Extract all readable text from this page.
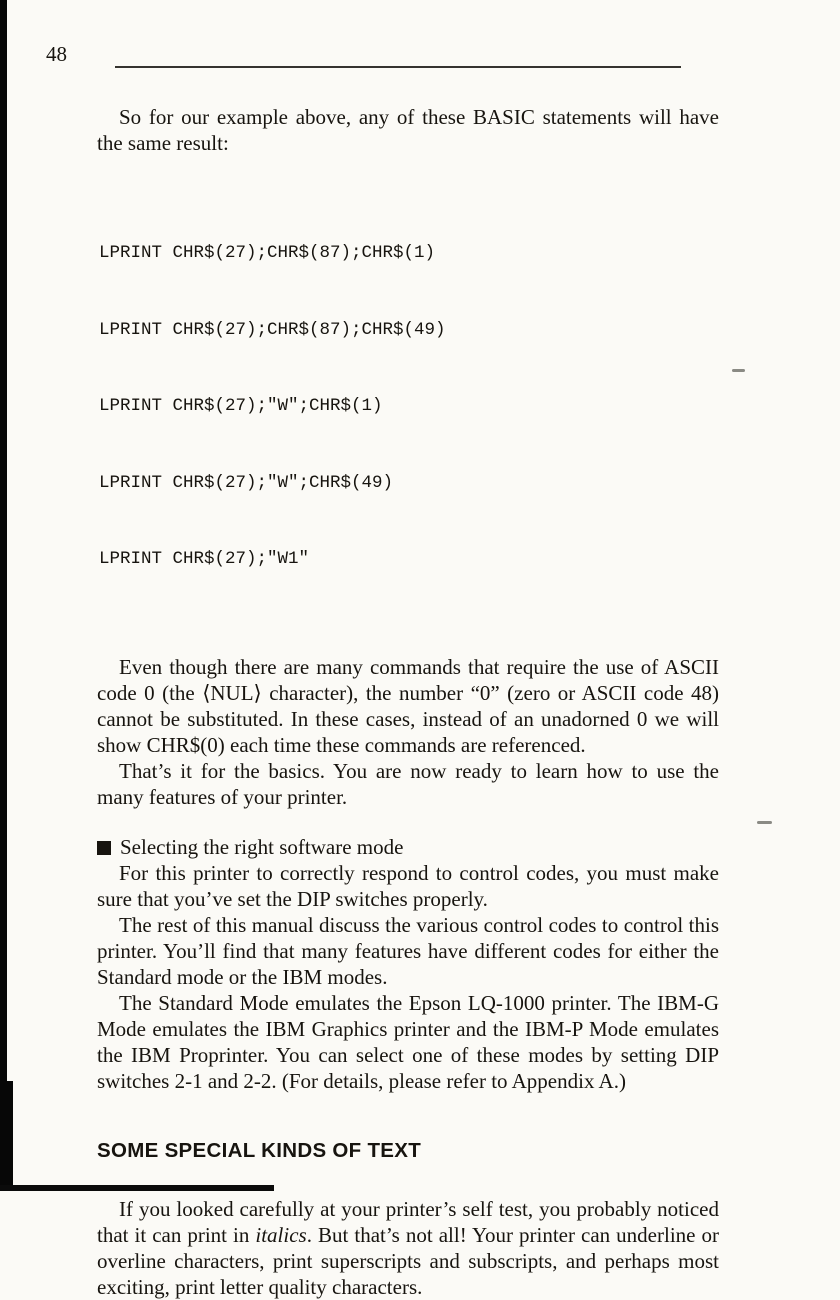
48

So for our example above, any of these BASIC statements will have the same result:

LPRINT CHR$(27);CHR$(87);CHR$(1)

LPRINT CHR$(27);CHR$(87);CHR$(49)

LPRINT CHR$(27);"W";CHR$(1)

LPRINT CHR$(27);"W";CHR$(49)

LPRINT CHR$(27);"W1"

Even though there are many commands that require the use of ASCII code 0 (the ⟨NUL⟩ character), the number “0” (zero or ASCII code 48) cannot be substituted. In these cases, instead of an unadorned 0 we will show CHR$(0) each time these commands are referenced.

That’s it for the basics. You are now ready to learn how to use the many features of your printer.

Selecting the right software mode

For this printer to correctly respond to control codes, you must make sure that you’ve set the DIP switches properly.

The rest of this manual discuss the various control codes to control this printer. You’ll find that many features have different codes for either the Standard mode or the IBM modes.

The Standard Mode emulates the Epson LQ-1000 printer. The IBM-G Mode emulates the IBM Graphics printer and the IBM-P Mode emulates the IBM Proprinter. You can select one of these modes by setting DIP switches 2-1 and 2-2. (For details, please refer to Appendix A.)

SOME SPECIAL KINDS OF TEXT

If you looked carefully at your printer’s self test, you probably noticed that it can print in italics. But that’s not all! Your printer can underline or overline characters, print superscripts and subscripts, and perhaps most exciting, print letter quality characters.
